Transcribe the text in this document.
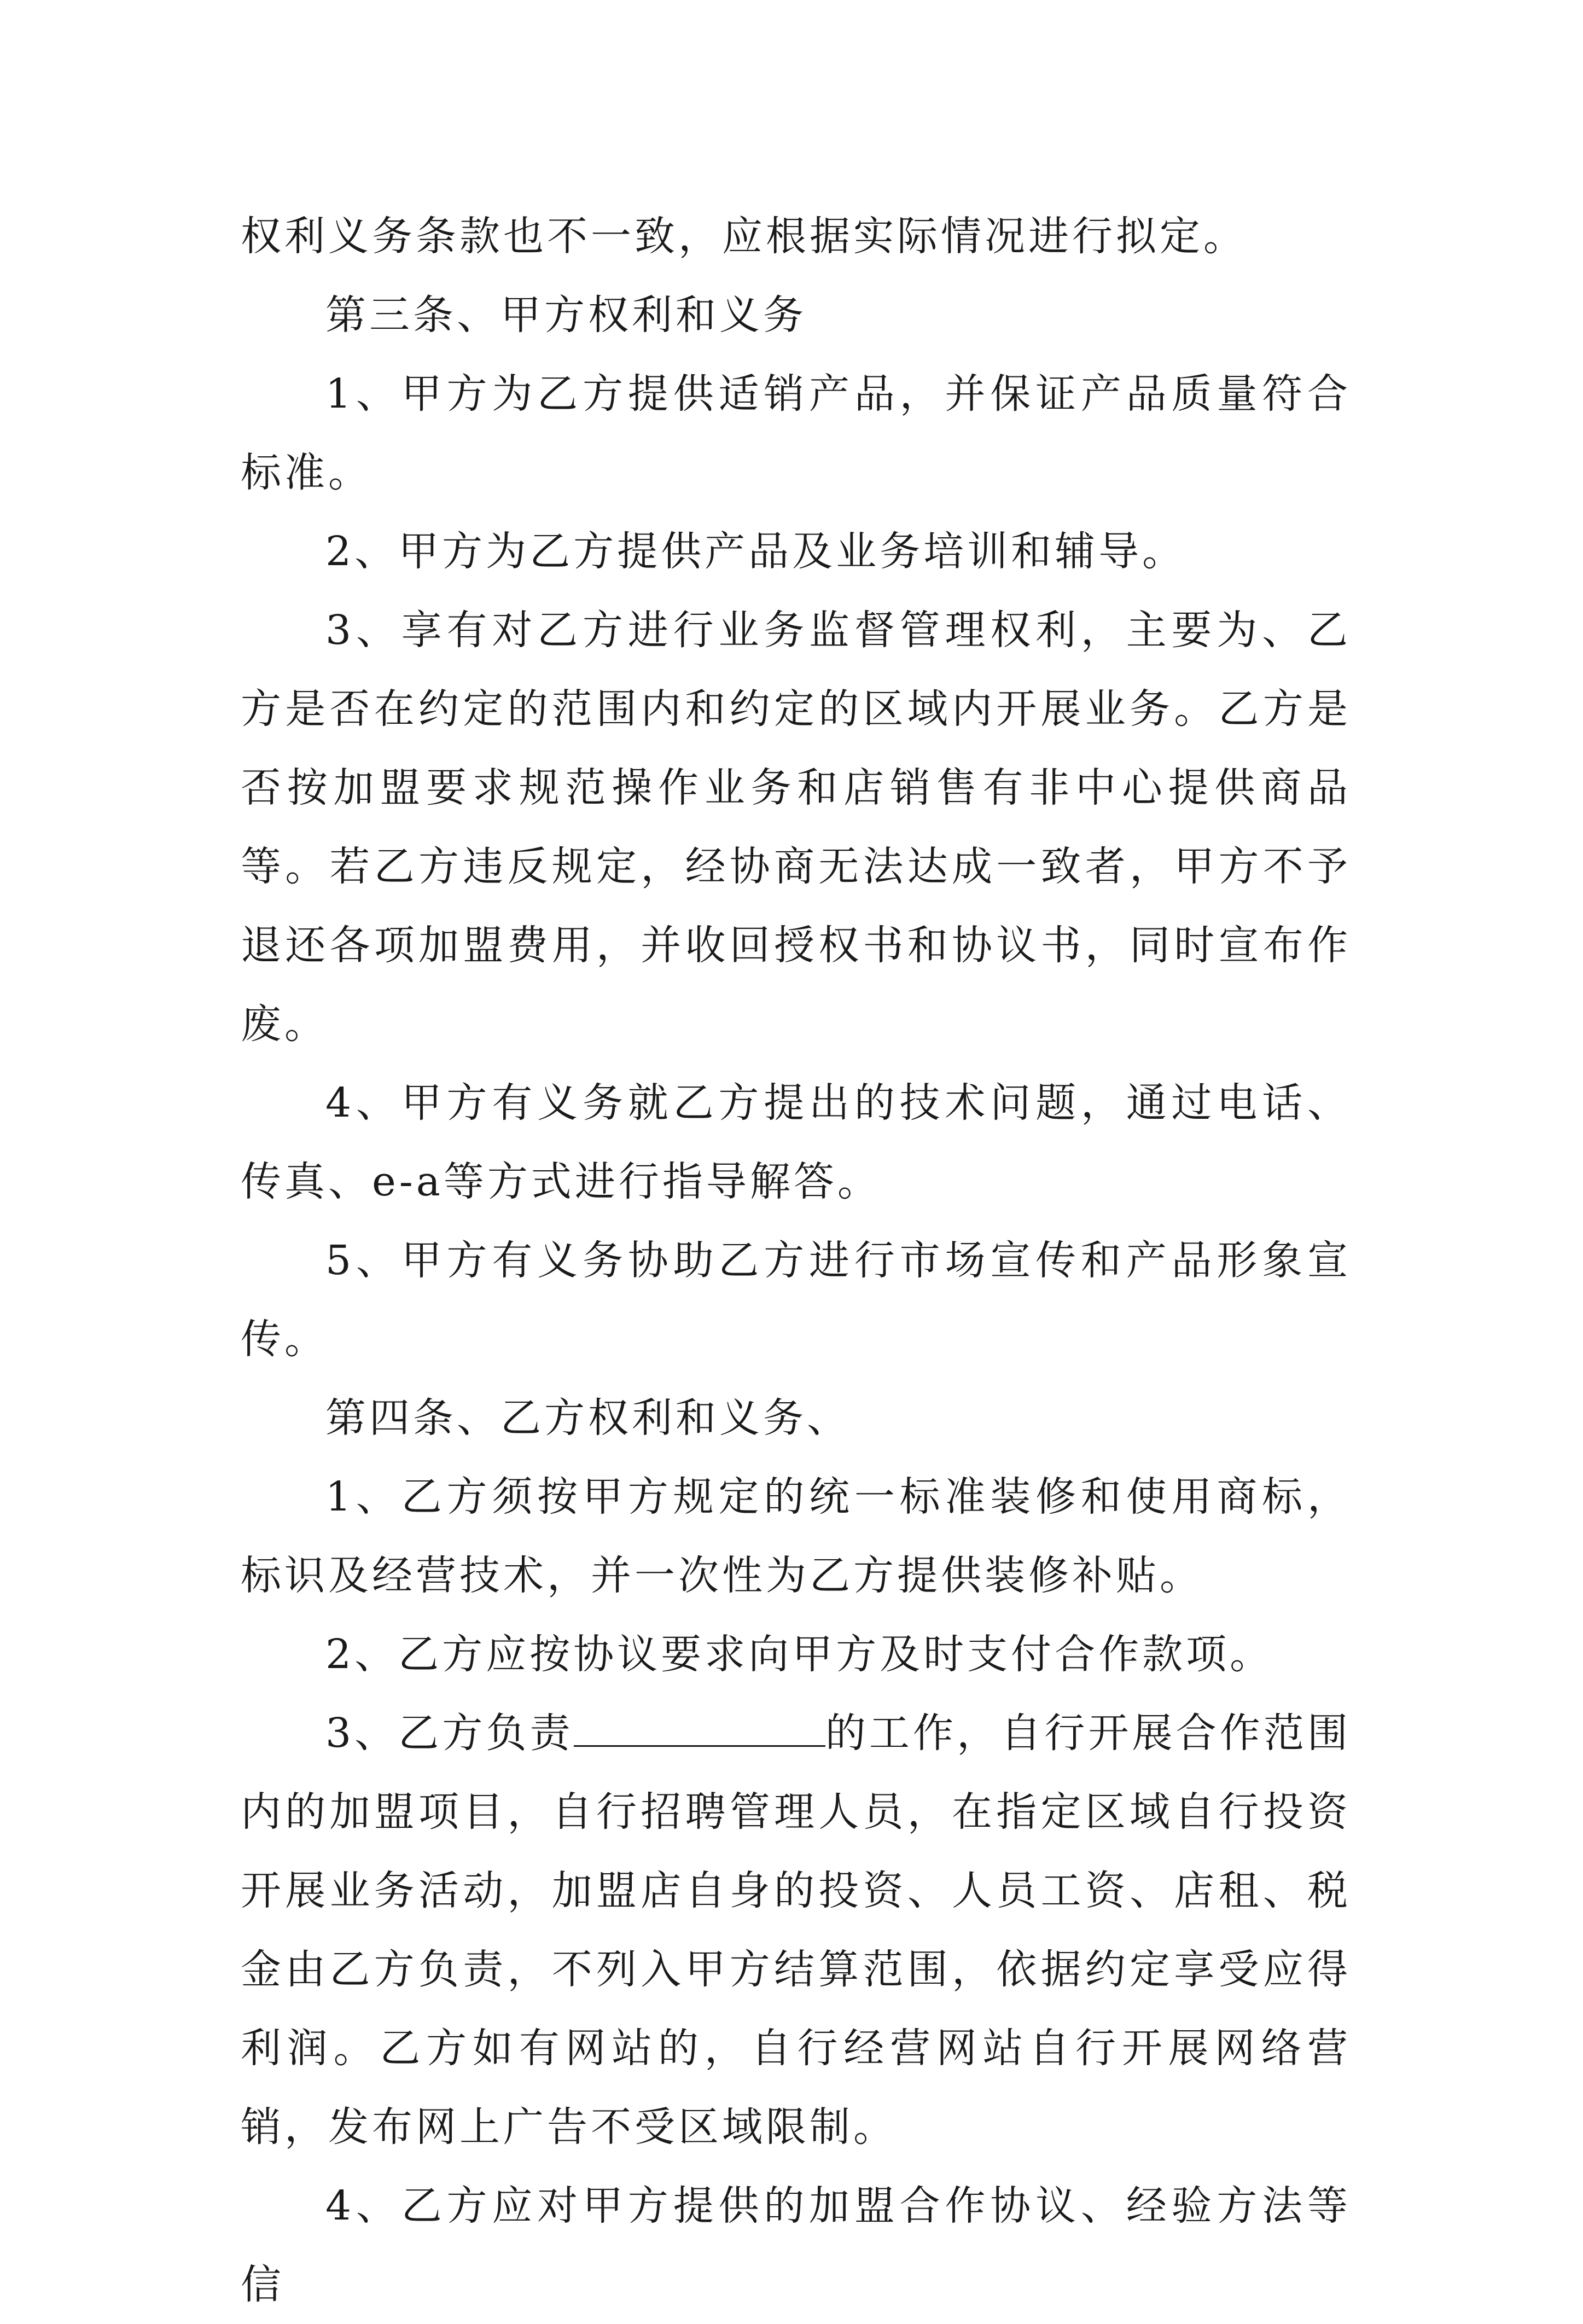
权利义务条款也不一致，应根据实际情况进行拟定。

第三条、甲方权利和义务

1、甲方为乙方提供适销产品，并保证产品质量符合标准。

2、甲方为乙方提供产品及业务培训和辅导。

3、享有对乙方进行业务监督管理权利，主要为、乙方是否在约定的范围内和约定的区域内开展业务。乙方是否按加盟要求规范操作业务和店销售有非中心提供商品等。若乙方违反规定，经协商无法达成一致者，甲方不予退还各项加盟费用，并收回授权书和协议书，同时宣布作废。

4、甲方有义务就乙方提出的技术问题，通过电话、传真、e-a等方式进行指导解答。

5、甲方有义务协助乙方进行市场宣传和产品形象宣传。

第四条、乙方权利和义务、

1、乙方须按甲方规定的统一标准装修和使用商标，标识及经营技术，并一次性为乙方提供装修补贴。

2、乙方应按协议要求向甲方及时支付合作款项。

3、乙方负责	的工作，自行开展合作范围内的加盟项目，自行招聘管理人员，在指定区域自行投资开展业务活动，加盟店自身的投资、人员工资、店租、税金由乙方负责，不列入甲方结算范围，依据约定享受应得利润。乙方如有网站的，自行经营网站自行开展网络营销，发布网上广告不受区域限制。

4、乙方应对甲方提供的加盟合作协议、经验方法等信
